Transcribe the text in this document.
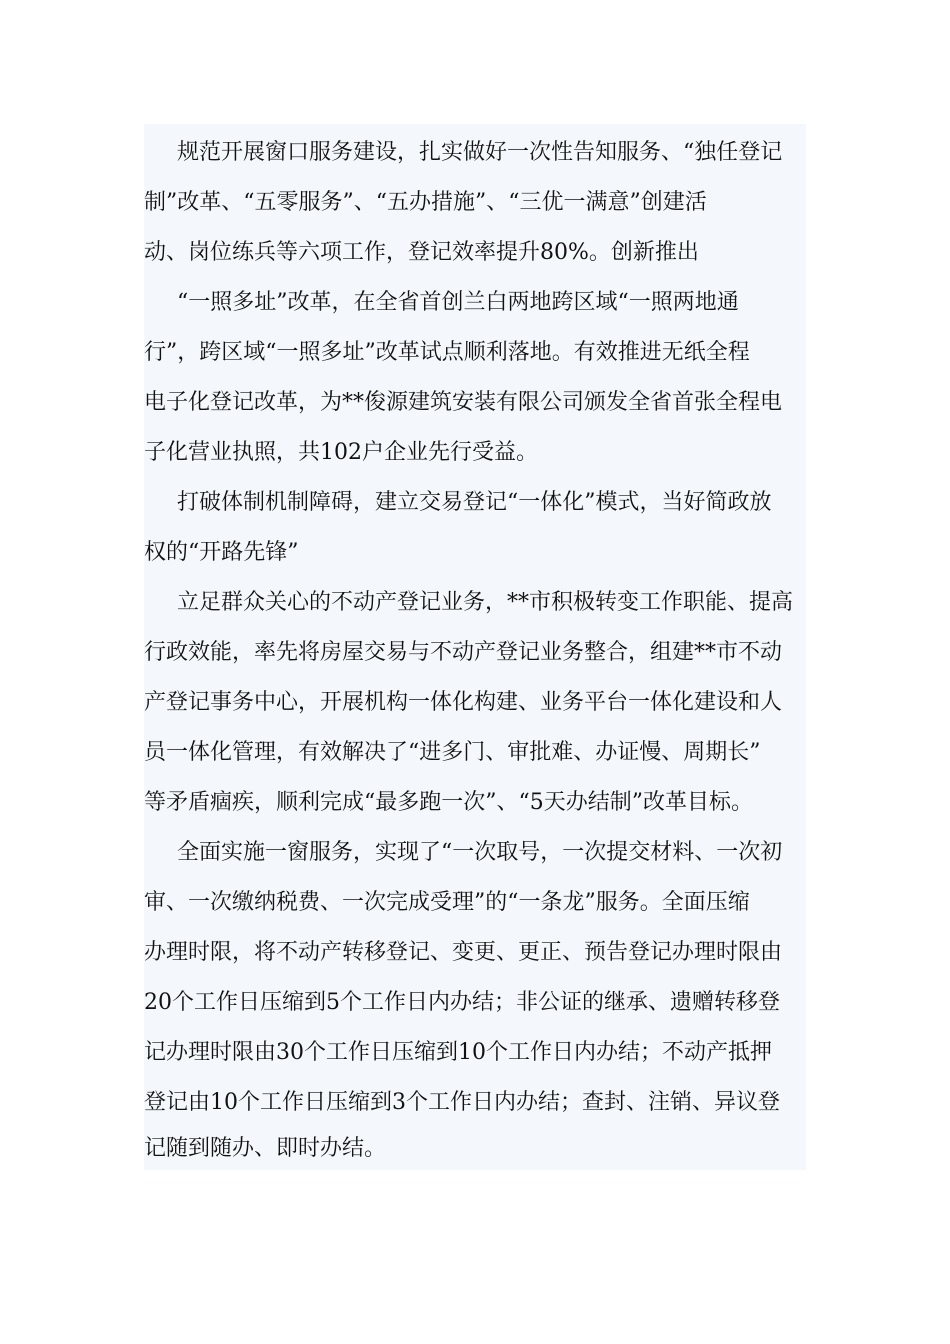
规范开展窗口服务建设，扎实做好一次性告知服务、“独任登记
制”改革、“五零服务”、“五办措施”、“三优一满意”创建活
动、岗位练兵等六项工作，登记效率提升80%。创新推出
“一照多址”改革，在全省首创兰白两地跨区域“一照两地通
行”，跨区域“一照多址”改革试点顺利落地。有效推进无纸全程
电子化登记改革，为**俊源建筑安装有限公司颁发全省首张全程电
子化营业执照，共102户企业先行受益。
打破体制机制障碍，建立交易登记“一体化”模式，当好简政放
权的“开路先锋”
立足群众关心的不动产登记业务，**市积极转变工作职能、提高
行政效能，率先将房屋交易与不动产登记业务整合，组建**市不动
产登记事务中心，开展机构一体化构建、业务平台一体化建设和人
员一体化管理，有效解决了“进多门、审批难、办证慢、周期长”
等矛盾痼疾，顺利完成“最多跑一次”、“5天办结制”改革目标。
全面实施一窗服务，实现了“一次取号，一次提交材料、一次初
审、一次缴纳税费、一次完成受理”的“一条龙”服务。全面压缩
办理时限，将不动产转移登记、变更、更正、预告登记办理时限由
20个工作日压缩到5个工作日内办结；非公证的继承、遗赠转移登
记办理时限由30个工作日压缩到10个工作日内办结；不动产抵押
登记由10个工作日压缩到3个工作日内办结；查封、注销、异议登
记随到随办、即时办结。
